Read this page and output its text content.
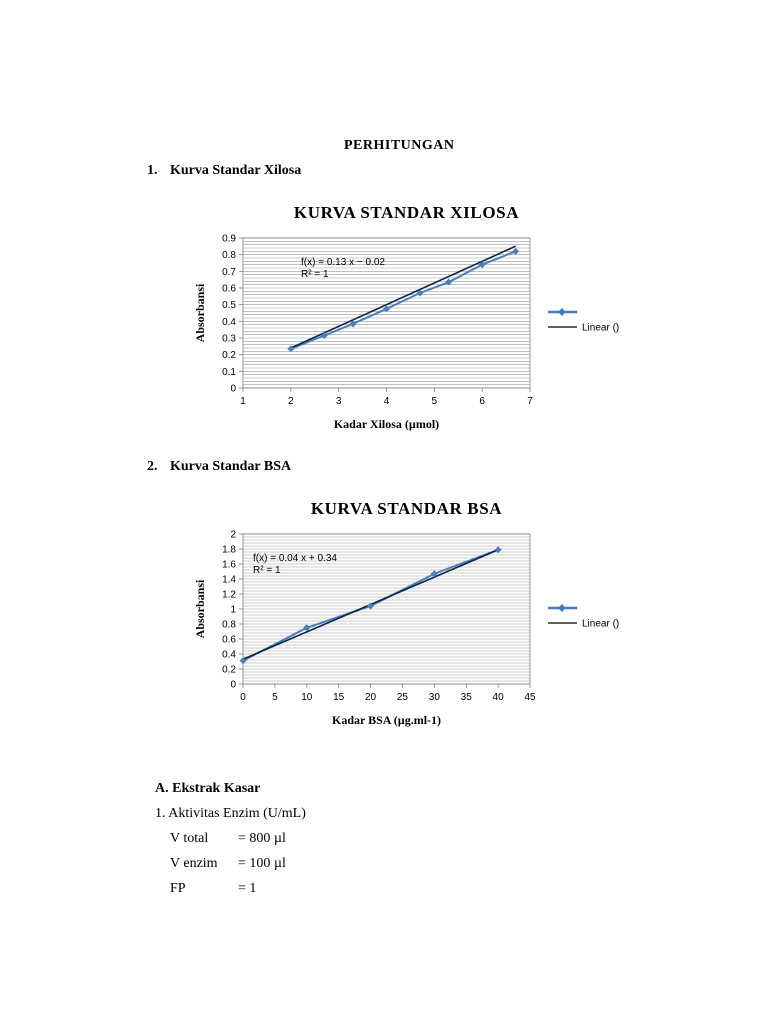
PERHITUNGAN
1. Kurva Standar Xilosa
KURVA STANDAR XILOSA
0
0.1
0.2
0.3
0.4
0.5
0.6
0.7
0.8
0.9
1	2	3	4	5	6	7
Kadar Xilosa (µmol)
Absorbansi
f(x) = 0.13 x − 0.02
R² = 1
Linear ()
2. Kurva Standar BSA
KURVA STANDAR BSA
0
0.2
0.4
0.6
0.8
1
1.2
1.4
1.6
1.8
2
0	5 10 15 20 25 30 35 40 45
Kadar BSA (µg.ml-1)
Absorbansi
f(x) = 0.04 x + 0.34
R² = 1
Linear ()
A. Ekstrak Kasar
1. Aktivitas Enzim (U/mL)
V total = 800 µl
V enzim = 100 µl
FP	= 1
